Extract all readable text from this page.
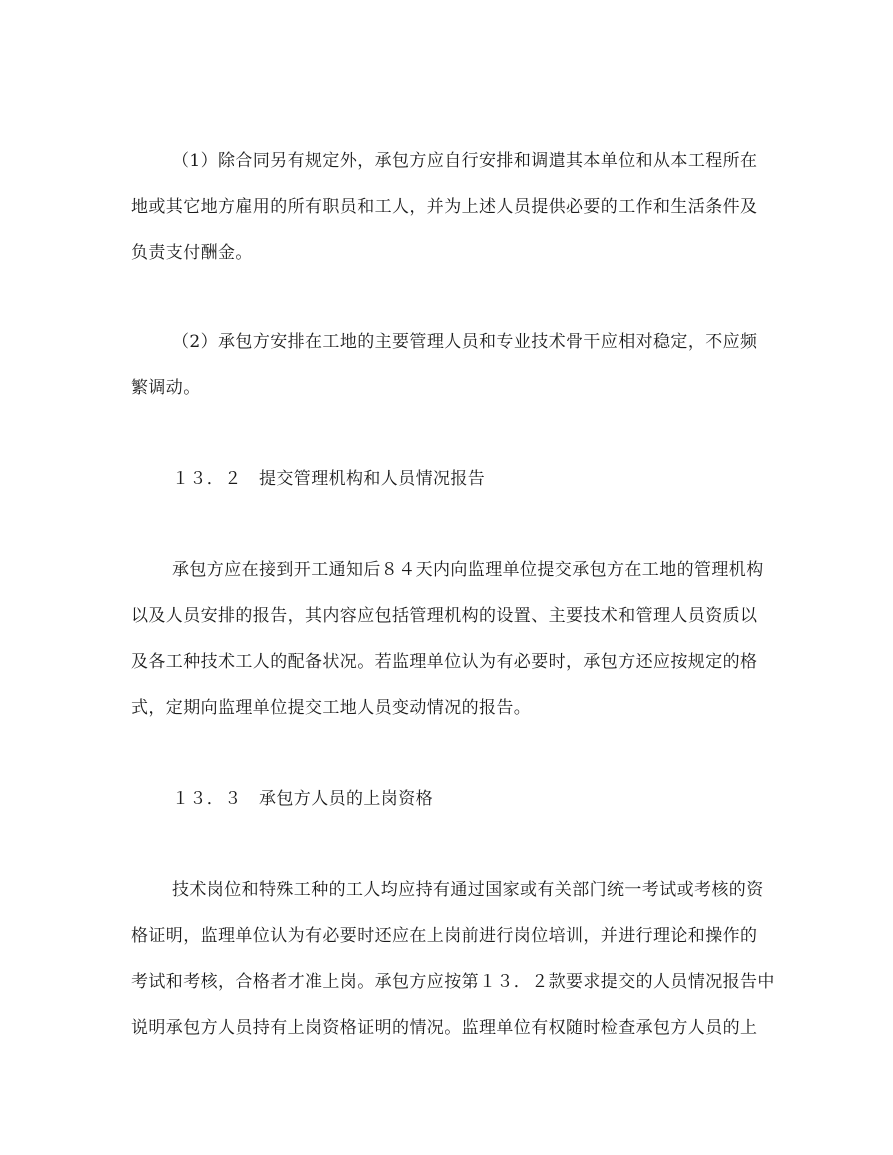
（1）除合同另有规定外，承包方应自行安排和调遣其本单位和从本工程所在
地或其它地方雇用的所有职员和工人，并为上述人员提供必要的工作和生活条件及
负责支付酬金。
（2）承包方安排在工地的主要管理人员和专业技术骨干应相对稳定，不应频
繁调动。
１３．２　提交管理机构和人员情况报告
承包方应在接到开工通知后８４天内向监理单位提交承包方在工地的管理机构
以及人员安排的报告，其内容应包括管理机构的设置、主要技术和管理人员资质以
及各工种技术工人的配备状况。若监理单位认为有必要时，承包方还应按规定的格
式，定期向监理单位提交工地人员变动情况的报告。
１３．３　承包方人员的上岗资格
技术岗位和特殊工种的工人均应持有通过国家或有关部门统一考试或考核的资
格证明，监理单位认为有必要时还应在上岗前进行岗位培训，并进行理论和操作的
考试和考核，合格者才准上岗。承包方应按第１３．２款要求提交的人员情况报告中
说明承包方人员持有上岗资格证明的情况。监理单位有权随时检查承包方人员的上
